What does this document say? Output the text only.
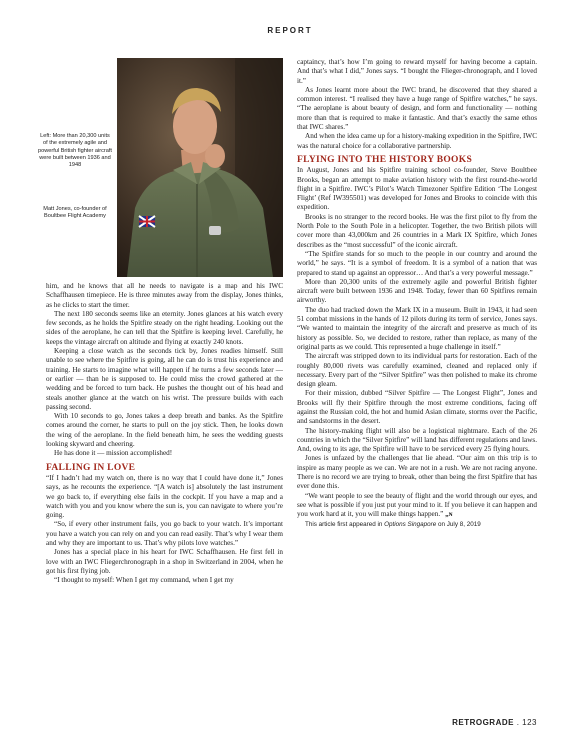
REPORT
Left: More than 20,300 units of the extremely agile and powerful British fighter aircraft were built between 1936 and 1948
Matt Jones, co-founder of Boultbee Flight Academy

him, and he knows that all he needs to navigate is a map and his IWC Schaffhausen timepiece. He is three minutes away from the display, Jones thinks, as he clicks to start the timer.

The next 180 seconds seems like an eternity. Jones glances at his watch every few seconds, as he holds the Spitfire steady on the right heading. Looking out the sides of the aeroplane, he can tell that the Spitfire is keeping level. Carefully, he keeps the vintage aircraft on altitude and flying at exactly 240 knots.

Keeping a close watch as the seconds tick by, Jones readies himself. Still unable to see where the Spitfire is going, all he can do is trust his experience and training. He starts to imagine what will happen if he turns a few seconds later — or earlier — than he is supposed to. He could miss the crowd gathered at the wedding and be forced to turn back. He pushes the thought out of his head and steals another glance at the watch on his wrist. The pressure builds with each passing second.

With 10 seconds to go, Jones takes a deep breath and banks. As the Spitfire comes around the corner, he starts to pull on the joy stick. Then, he looks down the wing of the aeroplane. In the field beneath him, he sees the wedding guests looking skyward and cheering.

He has done it — mission accomplished!

FALLING IN LOVE

“If I hadn’t had my watch on, there is no way that I could have done it,” Jones says, as he recounts the experience. “[A watch is] absolutely the last instrument we go back to, if everything else fails in the cockpit. If you have a map and a watch with you and you know where the sun is, you can navigate to where you’re going.

“So, if every other instrument fails, you go back to your watch. It’s important you have a watch you can rely on and you can read easily. That’s why I wear them and why they are important to us. That’s why pilots love watches.”

Jones has a special place in his heart for IWC Schaffhausen. He first fell in love with an IWC Fliegerchronograph in a shop in Switzerland in 2004, when he got his first flying job.

“I thought to myself: When I get my command, when I get my

captaincy, that’s how I’m going to reward myself for having become a captain. And that’s what I did,” Jones says. “I bought the Flieger-chronograph, and I loved it.”

As Jones learnt more about the IWC brand, he discovered that they shared a common interest. “I realised they have a huge range of Spitfire watches,” he says. “The aeroplane is about beauty of design, and form and functionality — nothing more than that is required to make it fantastic. And that’s exactly the same ethos that IWC shares.”

And when the idea came up for a history-making expedition in the Spitfire, IWC was the natural choice for a collaborative partnership.

FLYING INTO THE HISTORY BOOKS

In August, Jones and his Spitfire training school co-founder, Steve Boultbee Brooks, began an attempt to make aviation history with the first round-the-world flight in a Spitfire. IWC’s Pilot’s Watch Timezoner Spitfire Edition ‘The Longest Flight’ (Ref IW395501) was developed for Jones and Brooks to coincide with this expedition.

Brooks is no stranger to the record books. He was the first pilot to fly from the North Pole to the South Pole in a helicopter. Together, the two British pilots will cover more than 43,000km and 26 countries in a Mark IX Spitfire, which Jones describes as the “most successful” of the iconic aircraft.

“The Spitfire stands for so much to the people in our country and around the world,” he says. “It is a symbol of freedom. It is a symbol of a nation that was prepared to stand up against an oppressor… And that’s a very powerful message.”

More than 20,300 units of the extremely agile and powerful British fighter aircraft were built between 1936 and 1948. Today, fewer than 60 Spitfires remain airworthy.

The duo had tracked down the Mark IX in a museum. Built in 1943, it had seen 51 combat missions in the hands of 12 pilots during its term of service, Jones says. “We wanted to maintain the integrity of the aircraft and preserve as much of its history as possible. So, we decided to restore, rather than replace, as many of the original parts as we could. This represented a huge challenge in itself.”

The aircraft was stripped down to its individual parts for restoration. Each of the roughly 80,000 rivets was carefully examined, cleaned and replaced only if necessary. Every part of the “Silver Spitfire” was then polished to make its chrome design gleam.

For their mission, dubbed “Silver Spitfire — The Longest Flight”, Jones and Brooks will fly their Spitfire through the most extreme conditions, facing off against the Russian cold, the hot and humid Asian climate, storms over the Pacific, and sandstorms in the desert.

The history-making flight will also be a logistical nightmare. Each of the 26 countries in which the “Silver Spitfire” will land has different regulations and laws. And, owing to its age, the Spitfire will have to be serviced every 25 flying hours.

Jones is unfazed by the challenges that lie ahead. “Our aim on this trip is to inspire as many people as we can. We are not in a rush. We are not racing anyone. There is no record we are trying to break, other than being the first Spitfire that has ever done this.

“We want people to see the beauty of flight and the world through our eyes, and see what is possible if you just put your mind to it. If you believe it can happen and you work hard at it, you will make things happen.” „ɴ

This article first appeared in Options Singapore on July 8, 2019

RETROGRADE . 123
